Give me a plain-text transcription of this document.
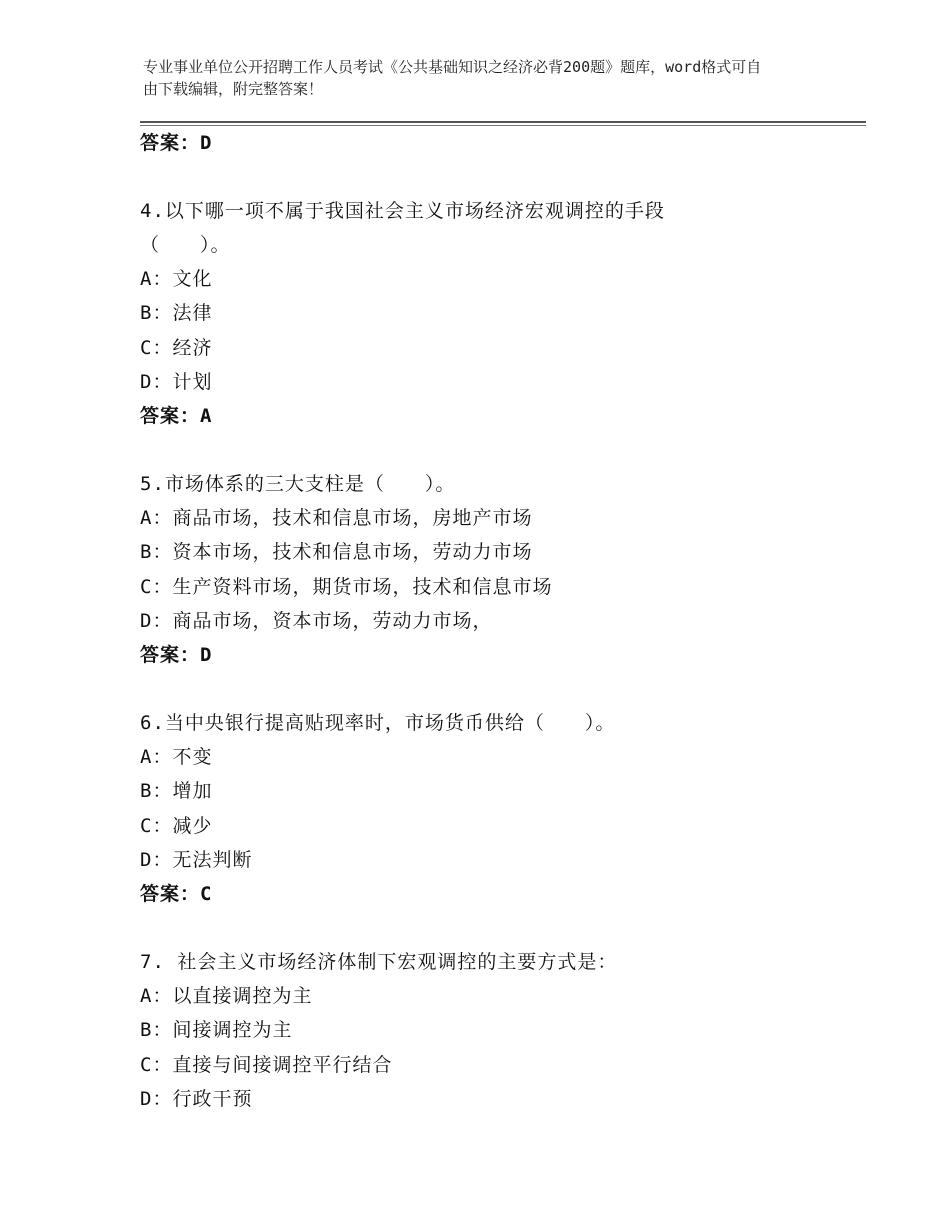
专业事业单位公开招聘工作人员考试《公共基础知识之经济必背200题》题库，word格式可自由下载编辑，附完整答案！
答案：D
4.以下哪一项不属于我国社会主义市场经济宏观调控的手段
（　　）。
A：文化
B：法律
C：经济
D：计划
答案：A
5.市场体系的三大支柱是（　　）。
A：商品市场，技术和信息市场，房地产市场
B：资本市场，技术和信息市场，劳动力市场
C：生产资料市场，期货市场，技术和信息市场
D：商品市场，资本市场，劳动力市场，
答案：D
6.当中央银行提高贴现率时，市场货币供给（　　）。
A：不变
B：增加
C：减少
D：无法判断
答案：C
7. 社会主义市场经济体制下宏观调控的主要方式是：
A：以直接调控为主
B：间接调控为主
C：直接与间接调控平行结合
D：行政干预
